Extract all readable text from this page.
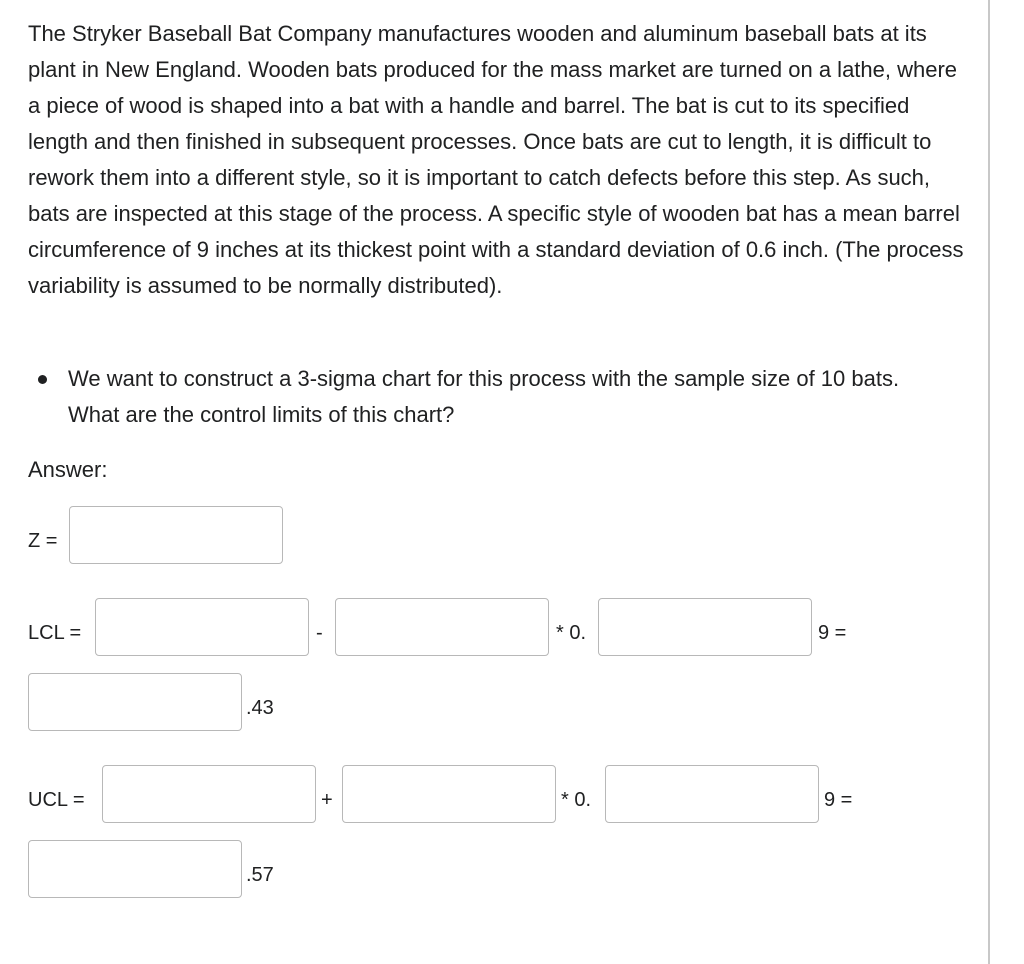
The Stryker Baseball Bat Company manufactures wooden and aluminum baseball bats at its plant in New England. Wooden bats produced for the mass market are turned on a lathe, where a piece of wood is shaped into a bat with a handle and barrel. The bat is cut to its specified length and then finished in subsequent processes. Once bats are cut to length, it is difficult to rework them into a different style, so it is important to catch defects before this step. As such, bats are inspected at this stage of the process. A specific style of wooden bat has a mean barrel circumference of 9 inches at its thickest point with a standard deviation of 0.6 inch. (The process variability is assumed to be normally distributed).

We want to construct a 3-sigma chart for this process with the sample size of 10 bats. What are the control limits of this chart?
Answer:
Z =
LCL =	-	* 0.	9 =
.43
UCL =	+	* 0.	9 =
.57
